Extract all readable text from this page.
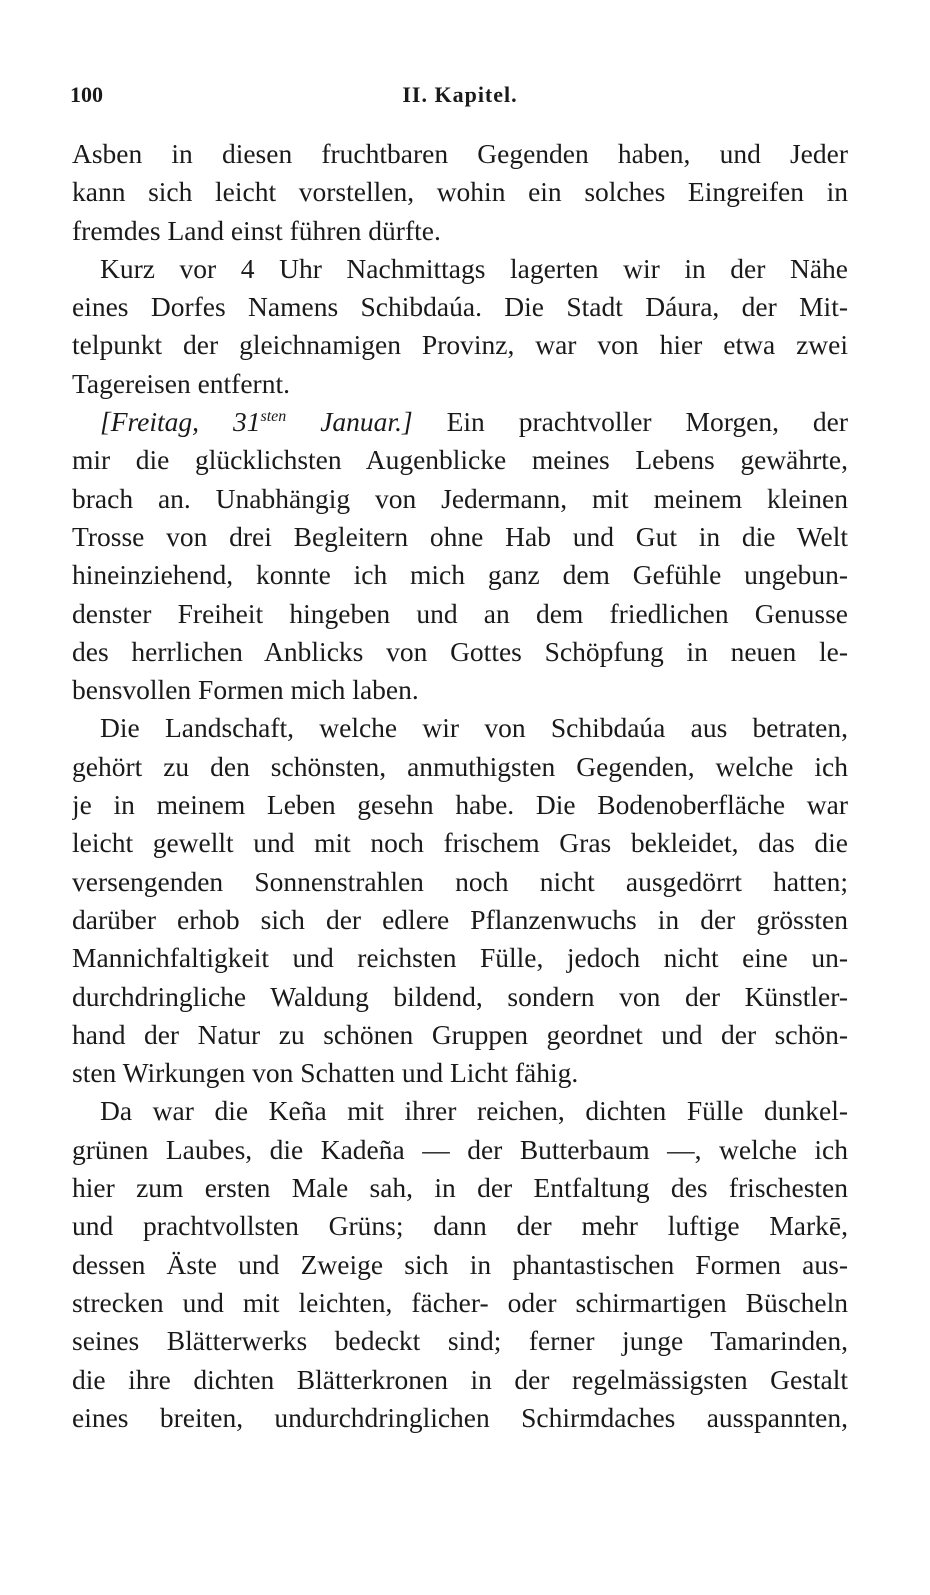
100	II. Kapitel.
Asben in diesen fruchtbaren Gegenden haben, und Jeder
kann sich leicht vorstellen, wohin ein solches Eingreifen in
fremdes Land einst führen dürfte.
Kurz vor 4 Uhr Nachmittags lagerten wir in der Nähe
eines Dorfes Namens Schibdaúa. Die Stadt Dáura, der Mit-
telpunkt der gleichnamigen Provinz, war von hier etwa zwei
Tagereisen entfernt.
[Freitag, $31^{sten}$ Januar.] Ein prachtvoller Morgen, der
mir die glücklichsten Augenblicke meines Lebens gewährte,
brach an. Unabhängig von Jedermann, mit meinem kleinen
Trosse von drei Begleitern ohne Hab und Gut in die Welt
hineinziehend, konnte ich mich ganz dem Gefühle ungebun-
denster Freiheit hingeben und an dem friedlichen Genusse
des herrlichen Anblicks von Gottes Schöpfung in neuen le-
bensvollen Formen mich laben.
Die Landschaft, welche wir von Schibdaúa aus betraten,
gehört zu den schönsten, anmuthigsten Gegenden, welche ich
je in meinem Leben gesehn habe. Die Bodenoberfläche war
leicht gewellt und mit noch frischem Gras bekleidet, das die
versengenden Sonnenstrahlen noch nicht ausgedörrt hatten;
darüber erhob sich der edlere Pflanzenwuchs in der grössten
Mannichfaltigkeit und reichsten Fülle, jedoch nicht eine un-
durchdringliche Waldung bildend, sondern von der Künstler-
hand der Natur zu schönen Gruppen geordnet und der schön-
sten Wirkungen von Schatten und Licht fähig.
Da war die Keña mit ihrer reichen, dichten Fülle dunkel-
grünen Laubes, die Kadeña — der Butterbaum —, welche ich
hier zum ersten Male sah, in der Entfaltung des frischesten
und prachtvollsten Grüns; dann der mehr luftige Markē,
dessen Äste und Zweige sich in phantastischen Formen aus-
strecken und mit leichten, fächer- oder schirmartigen Büscheln
seines Blätterwerks bedeckt sind; ferner junge Tamarinden,
die ihre dichten Blätterkronen in der regelmässigsten Gestalt
eines breiten, undurchdringlichen Schirmdaches ausspannten,
